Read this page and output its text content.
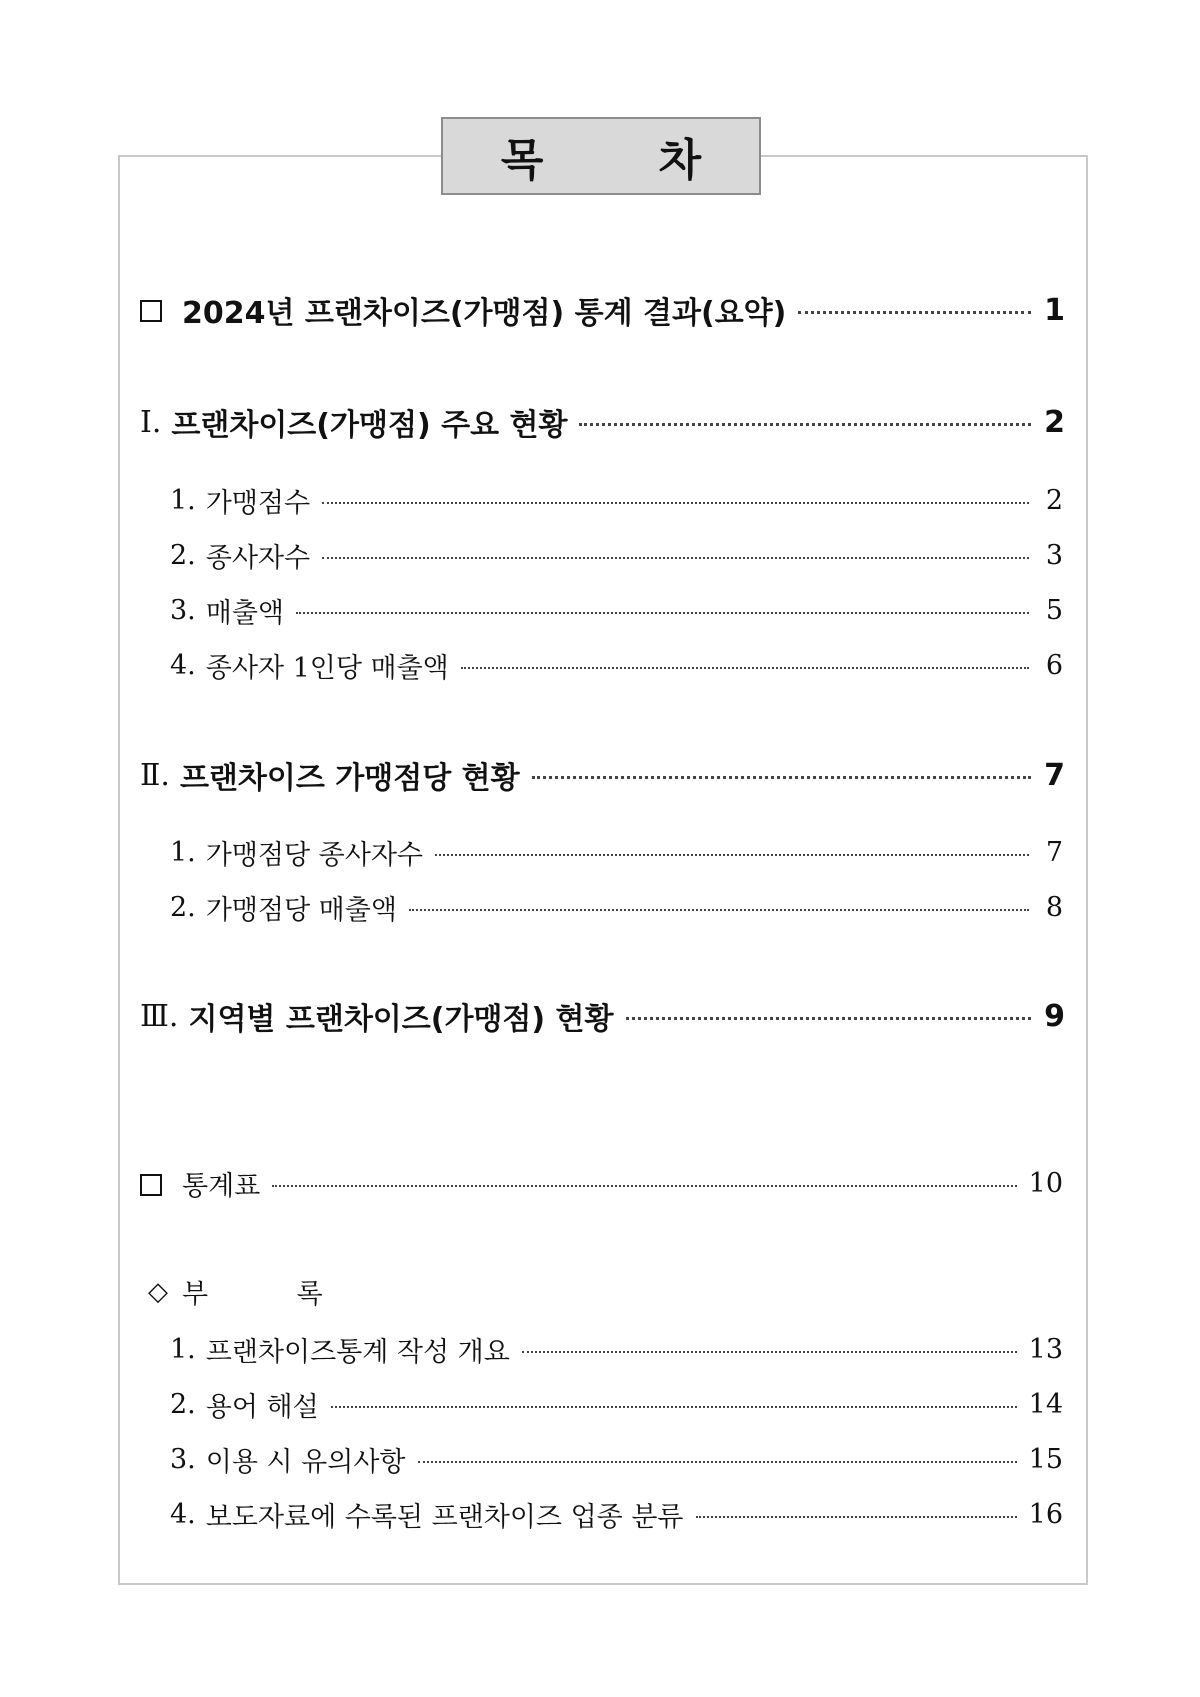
목 차
2024년 프랜차이즈(가맹점) 통계 결과(요약)	1
Ⅰ. 프랜차이즈(가맹점) 주요 현황	2
1. 가맹점수	2
2. 종사자수	3
3. 매출액	5
4. 종사자 1인당 매출액	6
Ⅱ. 프랜차이즈 가맹점당 현황	7
1. 가맹점당 종사자수	7
2. 가맹점당 매출액	8
Ⅲ. 지역별 프랜차이즈(가맹점) 현황	9
통계표	10
◇ 부 록
1. 프랜차이즈통계 작성 개요	13
2. 용어 해설	14
3. 이용 시 유의사항	15
4. 보도자료에 수록된 프랜차이즈 업종 분류	16
